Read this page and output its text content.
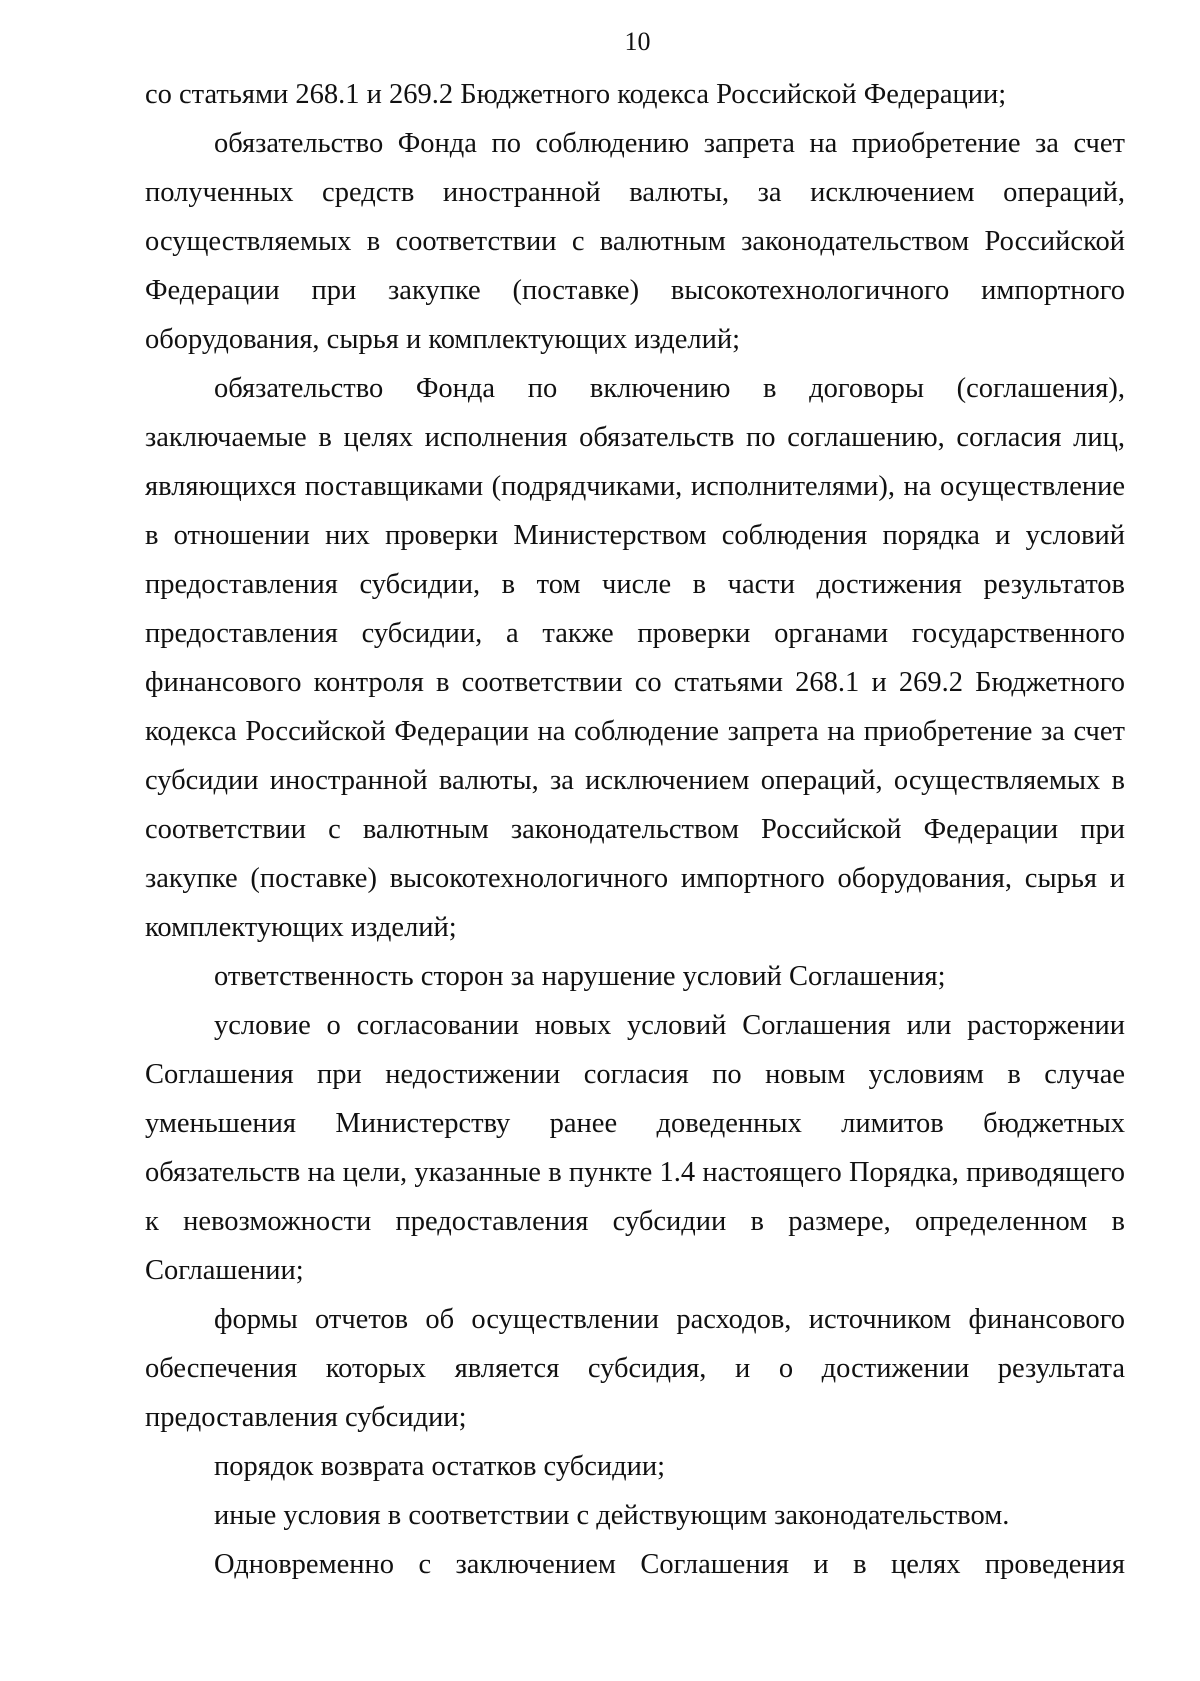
10

со статьями 268.1 и 269.2 Бюджетного кодекса Российской Федерации;

обязательство Фонда по соблюдению запрета на приобретение за счет полученных средств иностранной валюты, за исключением операций, осуществляемых в соответствии с валютным законодательством Российской Федерации при закупке (поставке) высокотехнологичного импортного оборудования, сырья и комплектующих изделий;

обязательство Фонда по включению в договоры (соглашения), заключаемые в целях исполнения обязательств по соглашению, согласия лиц, являющихся поставщиками (подрядчиками, исполнителями), на осуществление в отношении них проверки Министерством соблюдения порядка и условий предоставления субсидии, в том числе в части достижения результатов предоставления субсидии, а также проверки органами государственного финансового контроля в соответствии со статьями 268.1 и 269.2 Бюджетного кодекса Российской Федерации на соблюдение запрета на приобретение за счет субсидии иностранной валюты, за исключением операций, осуществляемых в соответствии с валютным законодательством Российской Федерации при закупке (поставке) высокотехнологичного импортного оборудования, сырья и комплектующих изделий;

ответственность сторон за нарушение условий Соглашения;

условие о согласовании новых условий Соглашения или расторжении Соглашения при недостижении согласия по новым условиям в случае уменьшения Министерству ранее доведенных лимитов бюджетных обязательств на цели, указанные в пункте 1.4 настоящего Порядка, приводящего к невозможности предоставления субсидии в размере, определенном в Соглашении;

формы отчетов об осуществлении расходов, источником финансового обеспечения которых является субсидия, и о достижении результата предоставления субсидии;

порядок возврата остатков субсидии;

иные условия в соответствии с действующим законодательством.

Одновременно с заключением Соглашения и в целях проведения
